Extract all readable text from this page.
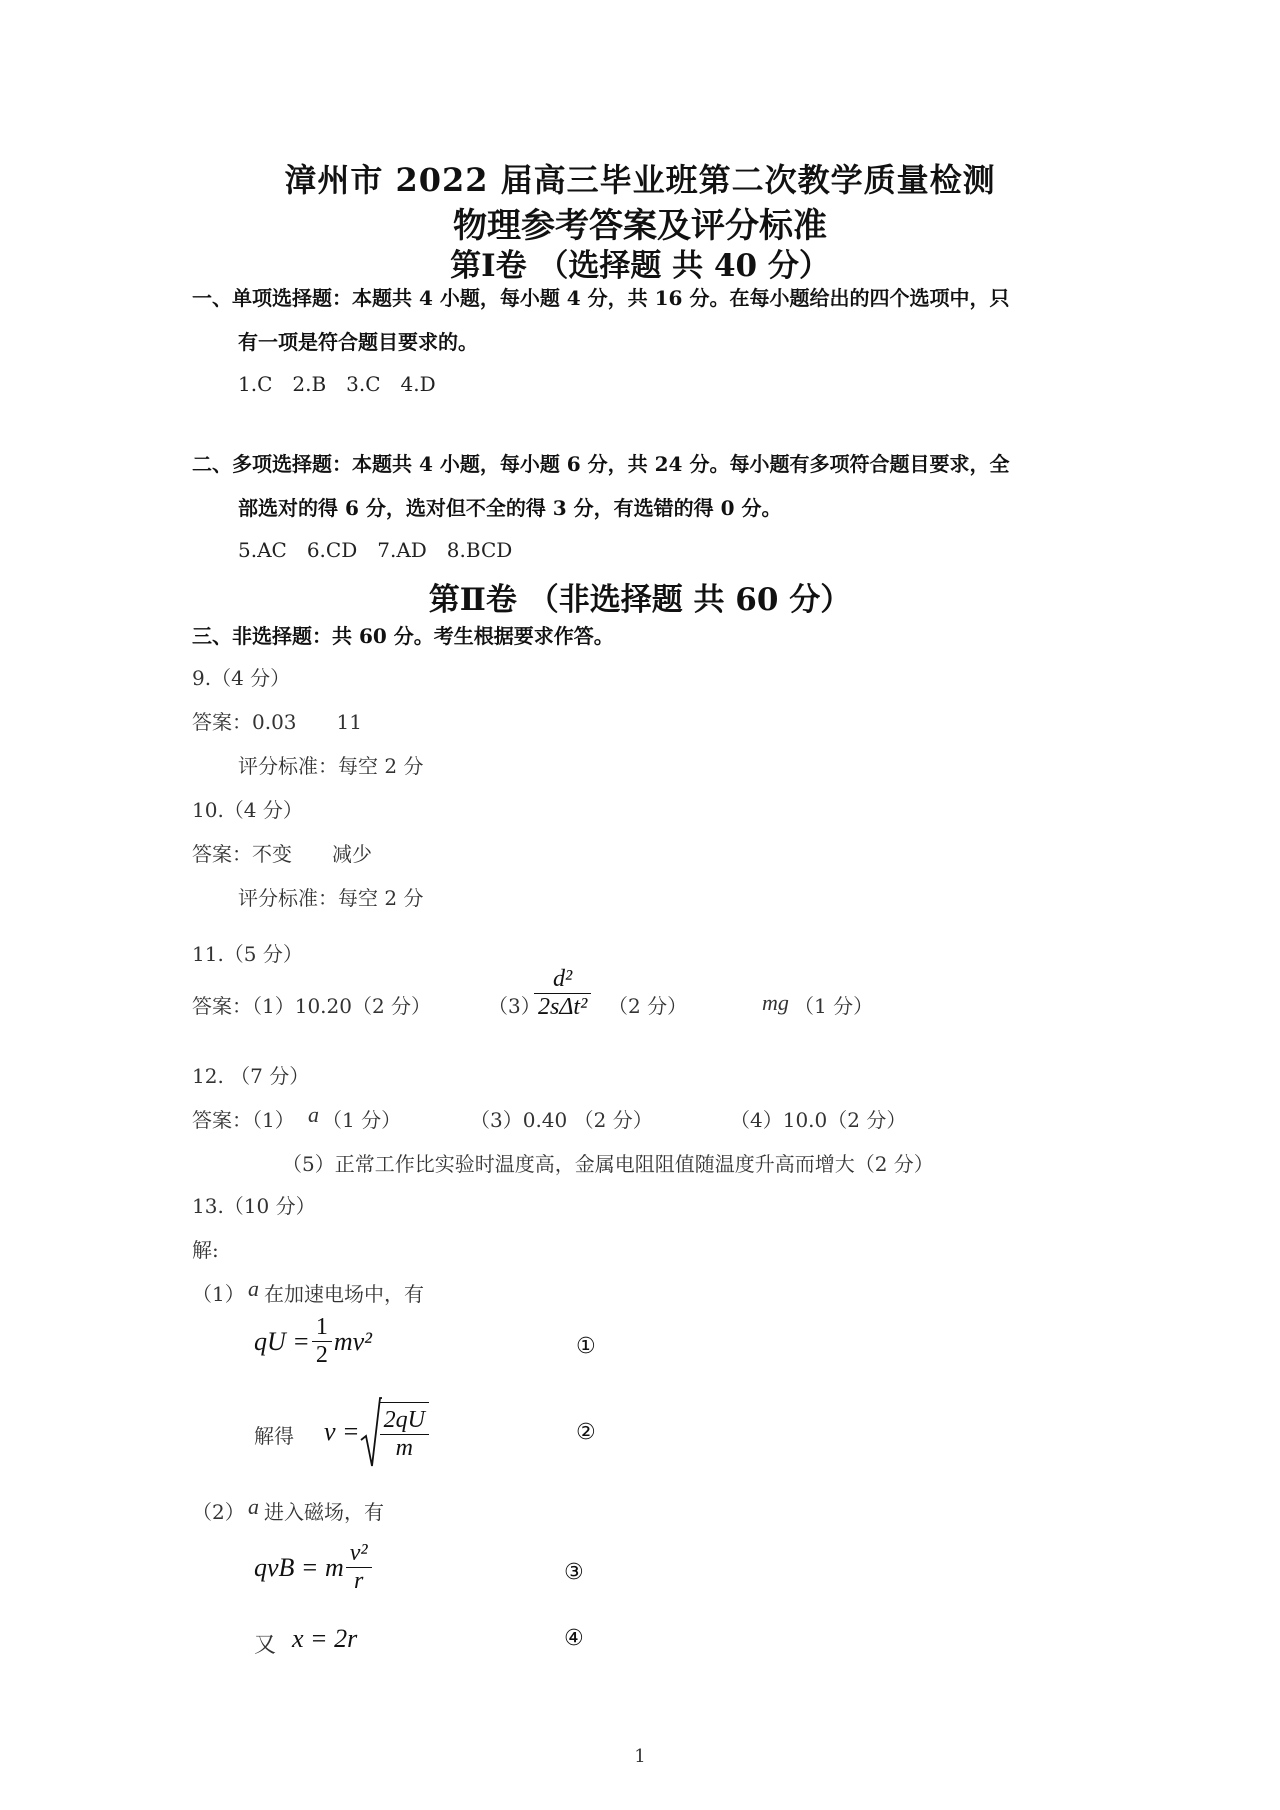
漳州市 2022 届高三毕业班第二次教学质量检测
物理参考答案及评分标准
第Ⅰ卷 （选择题 共 40 分）
一、单项选择题：本题共 4 小题，每小题 4 分，共 16 分。在每小题给出的四个选项中，只
有一项是符合题目要求的。
1.C　2.B　3.C　4.D
二、多项选择题：本题共 4 小题，每小题 6 分，共 24 分。每小题有多项符合题目要求，全
部选对的得 6 分，选对但不全的得 3 分，有选错的得 0 分。
5.AC　6.CD　7.AD　8.BCD
第Ⅱ卷 （非选择题 共 60 分）
三、非选择题：共 60 分。考生根据要求作答。
9.（4 分）
答案：0.03　　11
评分标准：每空 2 分
10.（4 分）
答案：不变　　减少
评分标准：每空 2 分
11.（5 分）
答案：（1）10.20（2 分）	（3）
$\frac{\text{d²}}{\text{2sΔt²}} (2$ 分）	mg （1 分）
12. （7 分）
答案：（1） a （1 分）	（3）0.40 （2 分）	（4）10.0（2 分）
（5）正常工作比实验时温度高，金属电阻阻值随温度升高而增大（2 分）
13.（10 分）
解:
（1） a 在加速电场中，有
qU = $\frac{1}{2} mv^2$	①
解得 $v = \frac{2qU}{m}$	②
（2） a 进入磁场，有
qvB = m $\frac{\text{v²}}{r}$	③
又 x = 2r	④
1
